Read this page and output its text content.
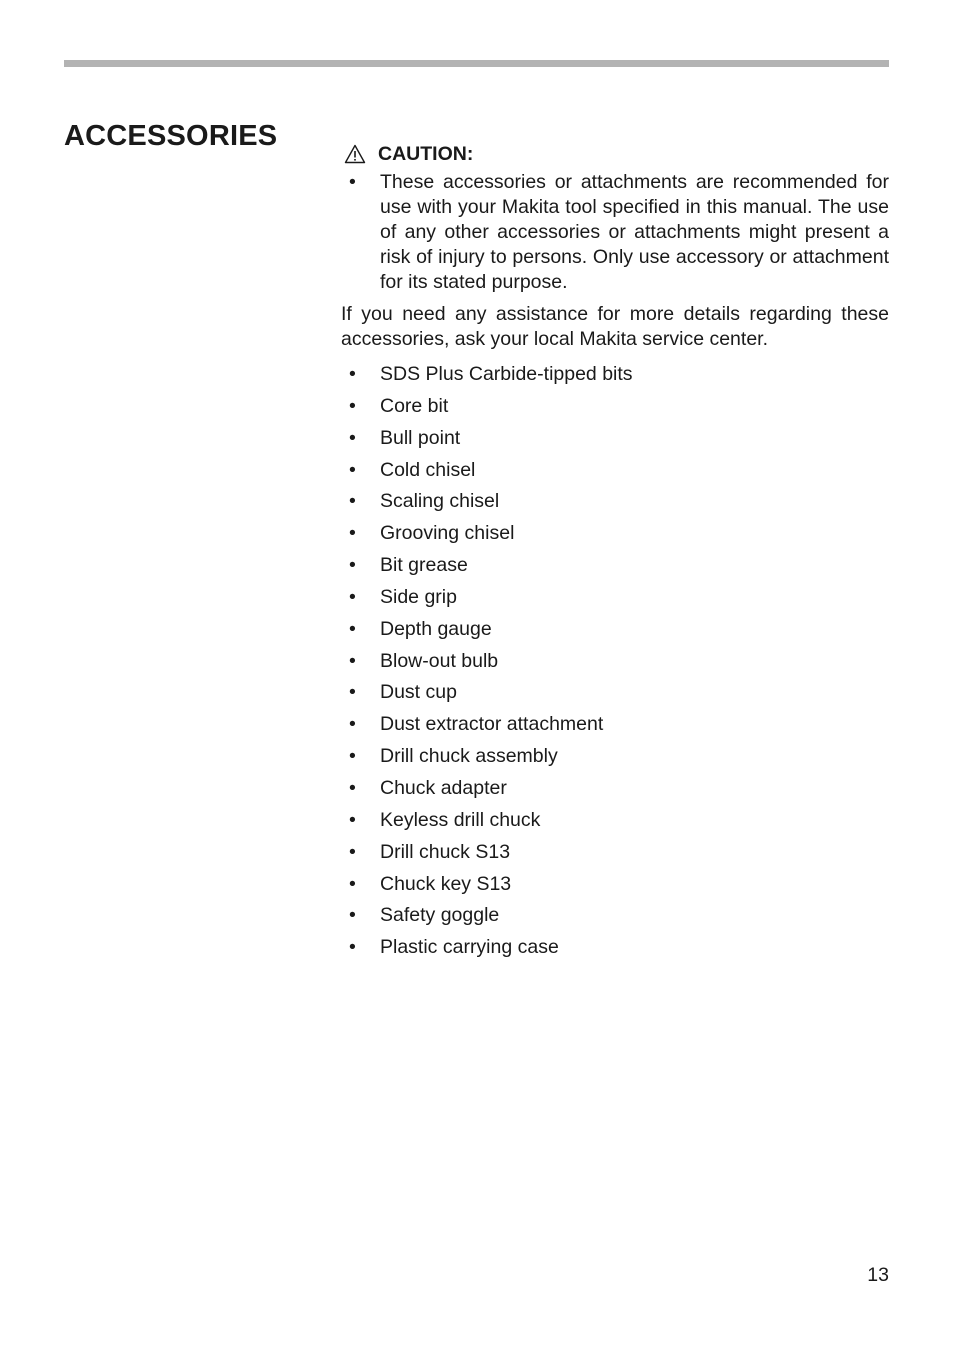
ACCESSORIES
CAUTION:
•	These accessories or attachments are recommended for use with your Makita tool specified in this manual. The use of any other accessories or attachments might present a risk of injury to persons. Only use accessory or attachment for its stated purpose.

If you need any assistance for more details regarding these accessories, ask your local Makita service center.

•	SDS Plus Carbide-tipped bits
•	Core bit
•	Bull point
•	Cold chisel
•	Scaling chisel
•	Grooving chisel
•	Bit grease
•	Side grip
•	Depth gauge
•	Blow-out bulb
•	Dust cup
•	Dust extractor attachment
•	Drill chuck assembly
•	Chuck adapter
•	Keyless drill chuck
•	Drill chuck S13
•	Chuck key S13
•	Safety goggle
•	Plastic carrying case
13
